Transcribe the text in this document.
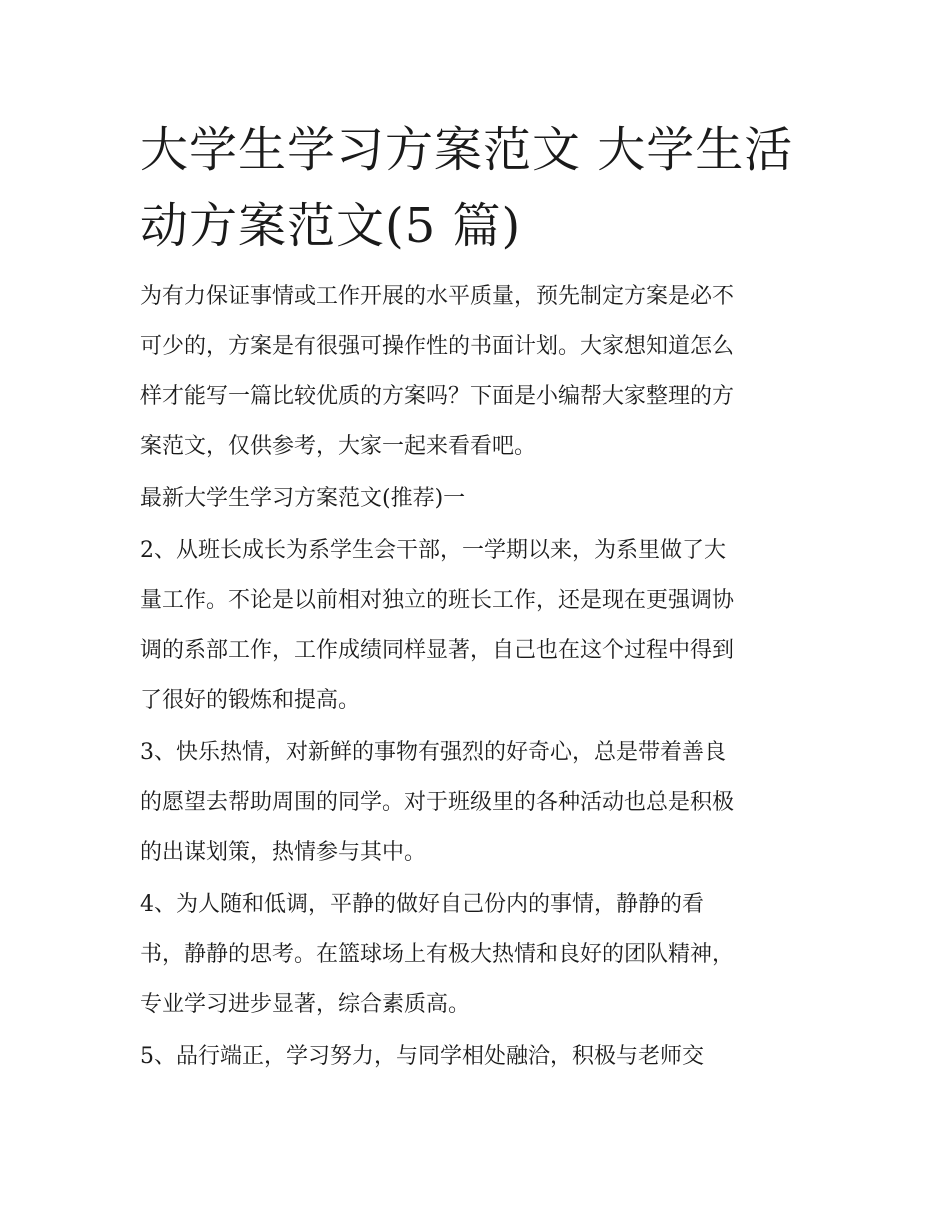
大学生学习方案范文 大学生活
动方案范文(5 篇)
为有力保证事情或工作开展的水平质量，预先制定方案是必不
可少的，方案是有很强可操作性的书面计划。大家想知道怎么
样才能写一篇比较优质的方案吗？下面是小编帮大家整理的方
案范文，仅供参考，大家一起来看看吧。
最新大学生学习方案范文(推荐)一
2、从班长成长为系学生会干部，一学期以来，为系里做了大
量工作。不论是以前相对独立的班长工作，还是现在更强调协
调的系部工作，工作成绩同样显著，自己也在这个过程中得到
了很好的锻炼和提高。
3、快乐热情，对新鲜的事物有强烈的好奇心，总是带着善良
的愿望去帮助周围的同学。对于班级里的各种活动也总是积极
的出谋划策，热情参与其中。
4、为人随和低调，平静的做好自己份内的事情，静静的看
书，静静的思考。在篮球场上有极大热情和良好的团队精神，
专业学习进步显著，综合素质高。
5、品行端正，学习努力，与同学相处融洽，积极与老师交
